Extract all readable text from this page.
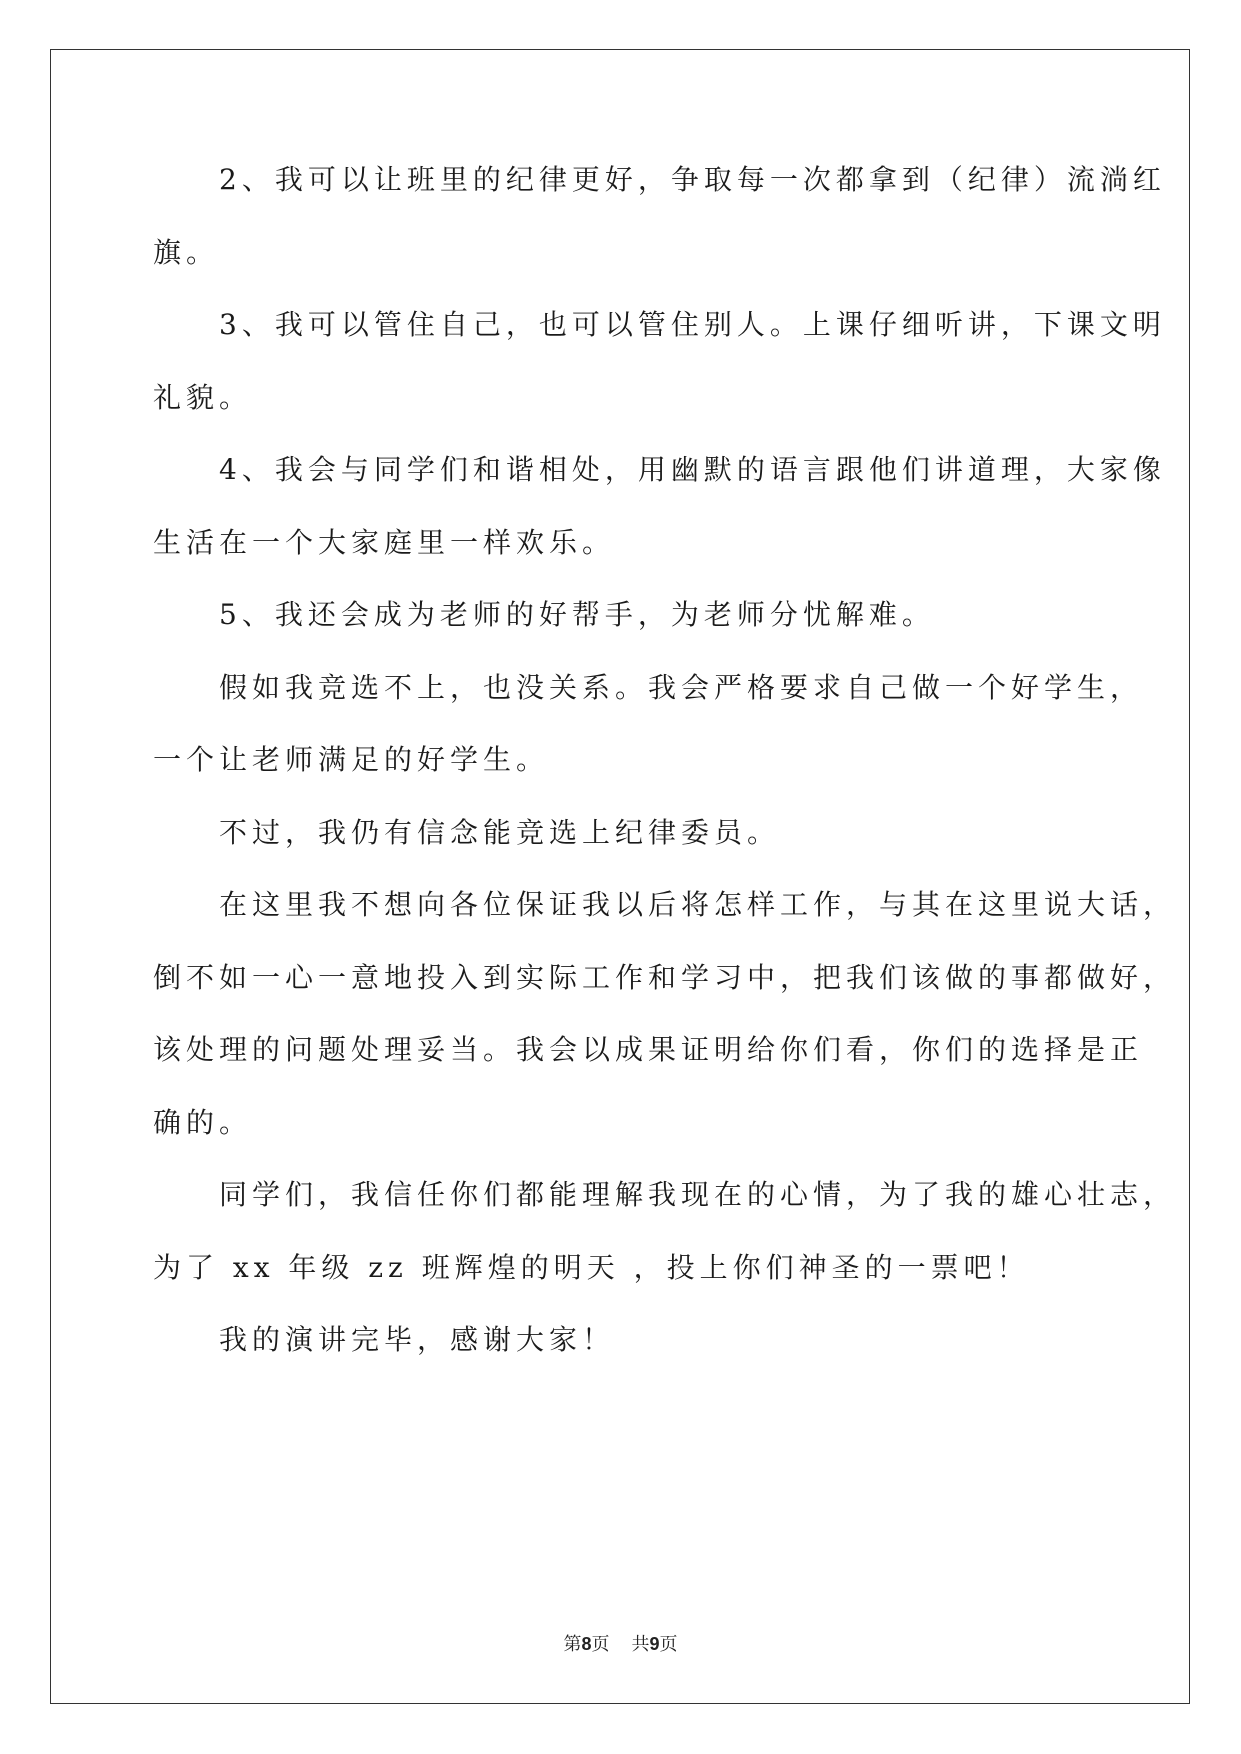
　　2、我可以让班里的纪律更好，争取每一次都拿到（纪律）流淌红
旗。
　　3、我可以管住自己，也可以管住别人。上课仔细听讲，下课文明
礼貌。
　　4、我会与同学们和谐相处，用幽默的语言跟他们讲道理，大家像
生活在一个大家庭里一样欢乐。
　　5、我还会成为老师的好帮手，为老师分忧解难。
　　假如我竞选不上，也没关系。我会严格要求自己做一个好学生，
一个让老师满足的好学生。
　　不过，我仍有信念能竞选上纪律委员。
　　在这里我不想向各位保证我以后将怎样工作，与其在这里说大话，
倒不如一心一意地投入到实际工作和学习中，把我们该做的事都做好，
该处理的问题处理妥当。我会以成果证明给你们看，你们的选择是正
确的。
　　同学们，我信任你们都能理解我现在的心情，为了我的雄心壮志，
为了 xx 年级 zz 班辉煌的明天 ，投上你们神圣的一票吧！
　　我的演讲完毕，感谢大家！
第8页 共9页
